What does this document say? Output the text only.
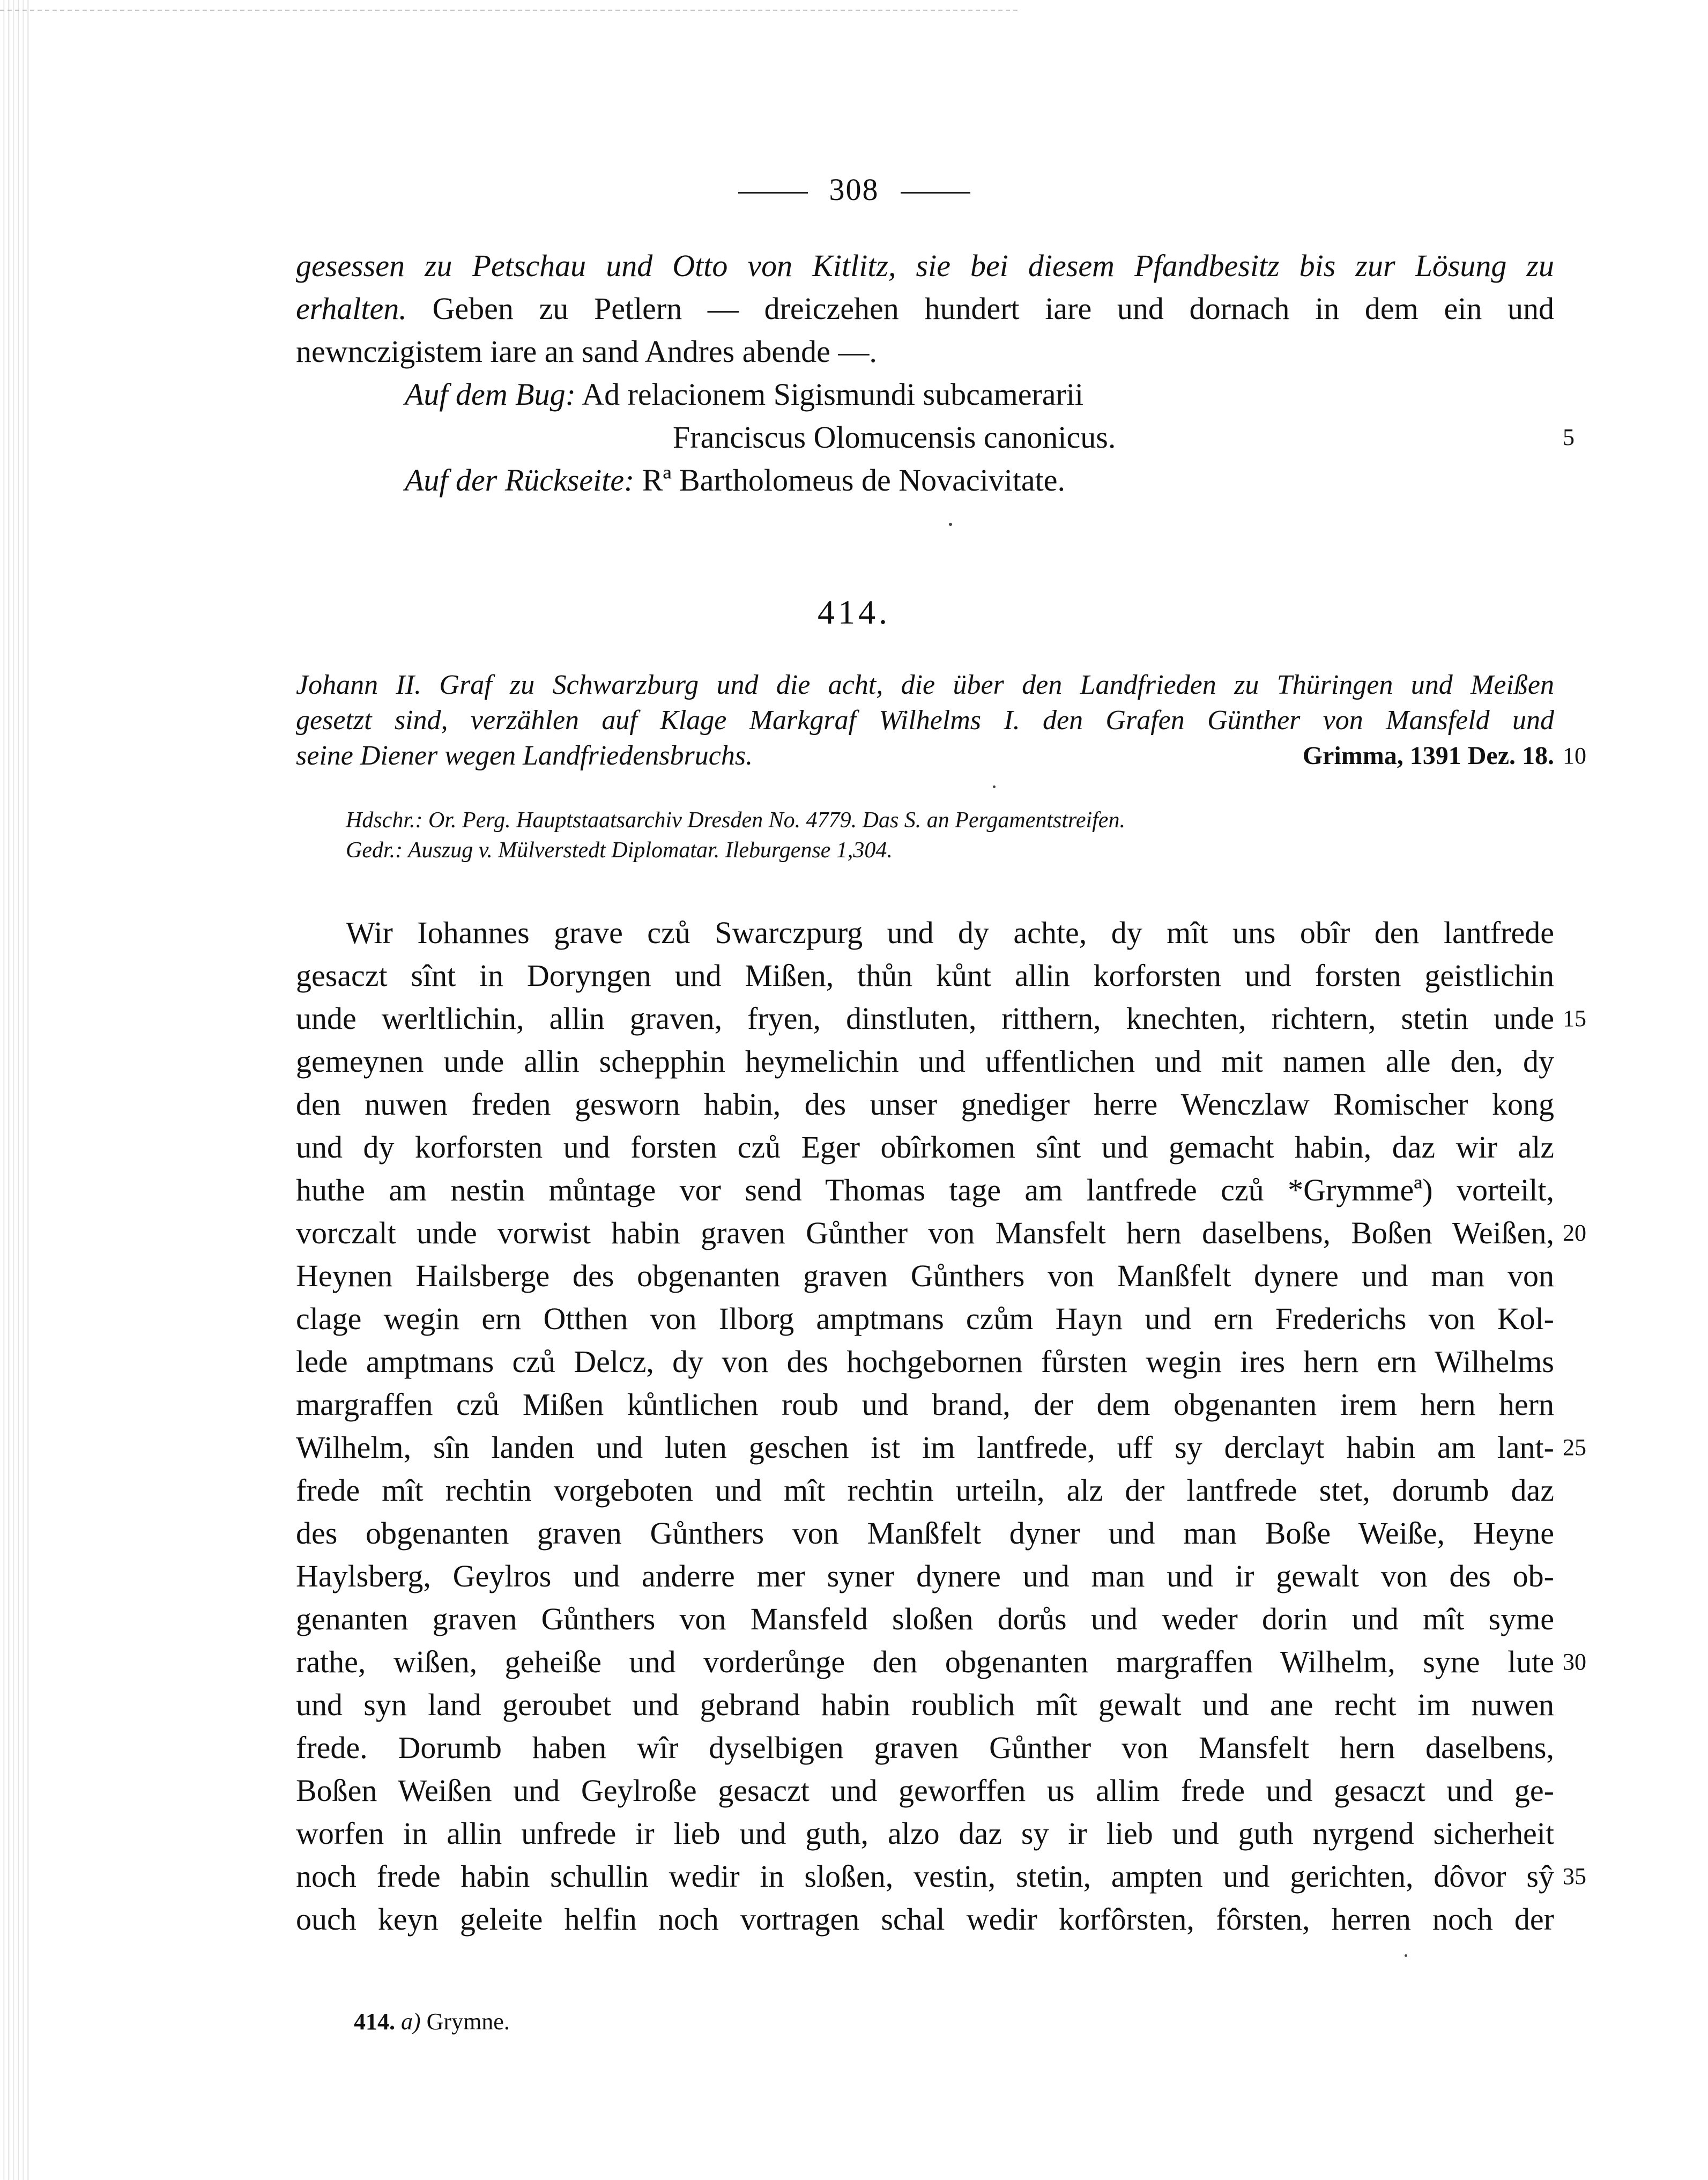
308
gesessen zu Petschau und Otto von Kitlitz, sie bei diesem Pfandbesitz bis zur Lösung zu
erhalten. Geben zu Petlern — dreiczehen hundert iare und dornach in dem ein und
newnczigistem iare an sand Andres abende —.
Auf dem Bug: Ad relacionem Sigismundi subcamerarii
Franciscus Olomucensis canonicus.	5
Auf der Rückseite: Rª Bartholomeus de Novacivitate.
414.
Johann II. Graf zu Schwarzburg und die acht, die über den Landfrieden zu Thüringen und Meißen
gesetzt sind, verzählen auf Klage Markgraf Wilhelms I. den Grafen Günther von Mansfeld und
seine Diener wegen Landfriedensbruchs.	Grimma, 1391 Dez. 18. 10
Hdschr.: Or. Perg. Hauptstaatsarchiv Dresden No. 4779. Das S. an Pergamentstreifen.
Gedr.: Auszug v. Mülverstedt Diplomatar. Ileburgense 1,304.
Wir Iohannes grave czů Swarczpurg und dy achte, dy mît uns obîr den lantfrede
gesaczt sînt in Doryngen und Mißen, thůn kůnt allin korforsten und forsten geistlichin
unde werltlichin, allin graven, fryen, dinstluten, ritthern, knechten, richtern, stetin unde 15
gemeynen unde allin schepphin heymelichin und uffentlichen und mit namen alle den, dy
den nuwen freden gesworn habin, des unser gnediger herre Wenczlaw Romischer kong
und dy korforsten und forsten czů Eger obîrkomen sînt und gemacht habin, daz wir alz
huthe am nestin můntage vor send Thomas tage am lantfrede czů *Grymmeª) vorteilt,
vorczalt unde vorwist habin graven Gůnther von Mansfelt hern daselbens, Boßen Weißen, 20
Heynen Hailsberge des obgenanten graven Gůnthers von Manßfelt dynere und man von
clage wegin ern Otthen von Ilborg amptmans czům Hayn und ern Frederichs von Kol-
lede amptmans czů Delcz, dy von des hochgebornen fůrsten wegin ires hern ern Wilhelms
margraffen czů Mißen kůntlichen roub und brand, der dem obgenanten irem hern hern
Wilhelm, sîn landen und luten geschen ist im lantfrede, uff sy derclayt habin am lant- 25
frede mît rechtin vorgeboten und mît rechtin urteiln, alz der lantfrede stet, dorumb daz
des obgenanten graven Gůnthers von Manßfelt dyner und man Boße Weiße, Heyne
Haylsberg, Geylros und anderre mer syner dynere und man und ir gewalt von des ob-
genanten graven Gůnthers von Mansfeld sloßen dorůs und weder dorin und mît syme
rathe, wißen, geheiße und vorderůnge den obgenanten margraffen Wilhelm, syne lute 30
und syn land geroubet und gebrand habin roublich mît gewalt und ane recht im nuwen
frede. Dorumb haben wîr dyselbigen graven Gůnther von Mansfelt hern daselbens,
Boßen Weißen und Geylroße gesaczt und geworffen us allim frede und gesaczt und ge-
worfen in allin unfrede ir lieb und guth, alzo daz sy ir lieb und guth nyrgend sicherheit
noch frede habin schullin wedir in sloßen, vestin, stetin, ampten und gerichten, dôvor sŷ 35
ouch keyn geleite helfin noch vortragen schal wedir korfôrsten, fôrsten, herren noch der
414. a) Grymne.
